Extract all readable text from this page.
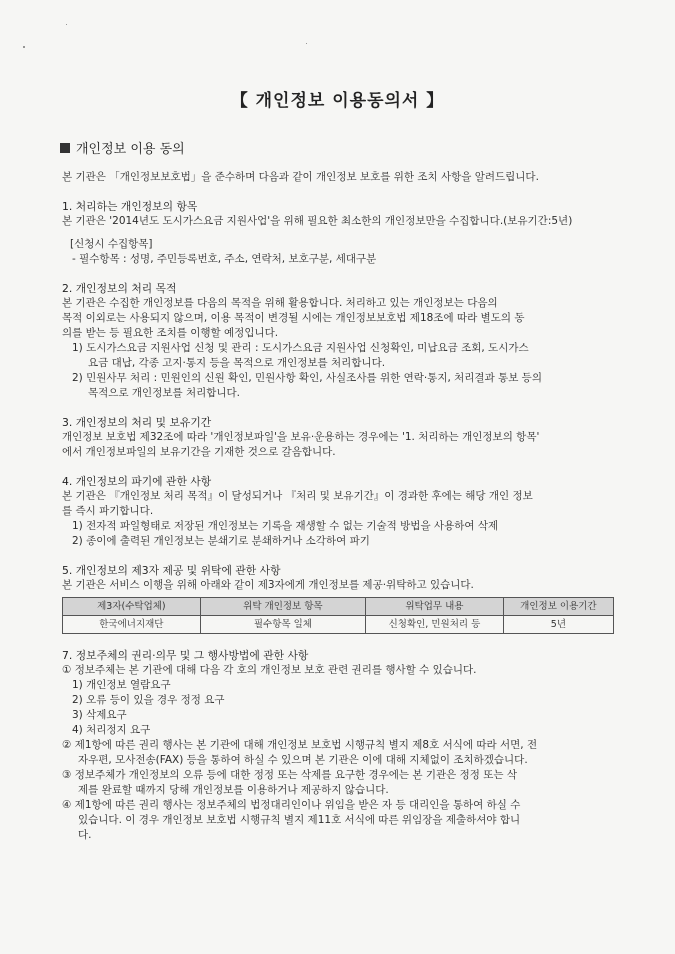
【 개인정보 이용동의서 】
개인정보 이용 동의

본 기관은 「개인정보보호법」을 준수하며 다음과 같이 개인정보 보호를 위한 조치 사항을 알려드립니다.

1. 처리하는 개인정보의 항목

본 기관은 '2014년도 도시가스요금 지원사업'을 위해 필요한 최소한의 개인정보만을 수집합니다.(보유기간:5년)

[신청시 수집항목]

- 필수항목 : 성명, 주민등록번호, 주소, 연락처, 보호구분, 세대구분

2. 개인정보의 처리 목적

본 기관은 수집한 개인정보를 다음의 목적을 위해 활용합니다. 처리하고 있는 개인정보는 다음의

목적 이외로는 사용되지 않으며, 이용 목적이 변경될 시에는 개인정보보호법 제18조에 따라 별도의 동

의를 받는 등 필요한 조치를 이행할 예정입니다.

1) 도시가스요금 지원사업 신청 및 관리 : 도시가스요금 지원사업 신청확인, 미납요금 조회, 도시가스

요금 대납, 각종 고지·통지 등을 목적으로 개인정보를 처리합니다.

2) 민원사무 처리 : 민원인의 신원 확인, 민원사항 확인, 사실조사를 위한 연락·통지, 처리결과 통보 등의

목적으로 개인정보를 처리합니다.

3. 개인정보의 처리 및 보유기간

개인정보 보호법 제32조에 따라 '개인정보파일'을 보유·운용하는 경우에는 '1. 처리하는 개인정보의 항목'

에서 개인정보파일의 보유기간을 기재한 것으로 갈음합니다.

4. 개인정보의 파기에 관한 사항

본 기관은 『개인정보 처리 목적』이 달성되거나 『처리 및 보유기간』이 경과한 후에는 해당 개인 정보

를 즉시 파기합니다.

1) 전자적 파일형태로 저장된 개인정보는 기록을 재생할 수 없는 기술적 방법을 사용하여 삭제

2) 종이에 출력된 개인정보는 분쇄기로 분쇄하거나 소각하여 파기

5. 개인정보의 제3자 제공 및 위탁에 관한 사항

본 기관은 서비스 이행을 위해 아래와 같이 제3자에게 개인정보를 제공·위탁하고 있습니다.

제3자(수탁업체)	위탁 개인정보 항목	위탁업무 내용	개인정보 이용기간
한국에너지재단	필수항목 일체	신청확인, 민원처리 등	5년

7. 정보주체의 권리·의무 및 그 행사방법에 관한 사항

① 정보주체는 본 기관에 대해 다음 각 호의 개인정보 보호 관련 권리를 행사할 수 있습니다.

1) 개인정보 열람요구

2) 오류 등이 있을 경우 정정 요구

3) 삭제요구

4) 처리정지 요구

② 제1항에 따른 권리 행사는 본 기관에 대해 개인정보 보호법 시행규칙 별지 제8호 서식에 따라 서면, 전

자우편, 모사전송(FAX) 등을 통하여 하실 수 있으며 본 기관은 이에 대해 지체없이 조치하겠습니다.

③ 정보주체가 개인정보의 오류 등에 대한 정정 또는 삭제를 요구한 경우에는 본 기관은 정정 또는 삭

제를 완료할 때까지 당해 개인정보를 이용하거나 제공하지 않습니다.

④ 제1항에 따른 권리 행사는 정보주체의 법정대리인이나 위임을 받은 자 등 대리인을 통하여 하실 수

있습니다. 이 경우 개인정보 보호법 시행규칙 별지 제11호 서식에 따른 위임장을 제출하셔야 합니

다.
